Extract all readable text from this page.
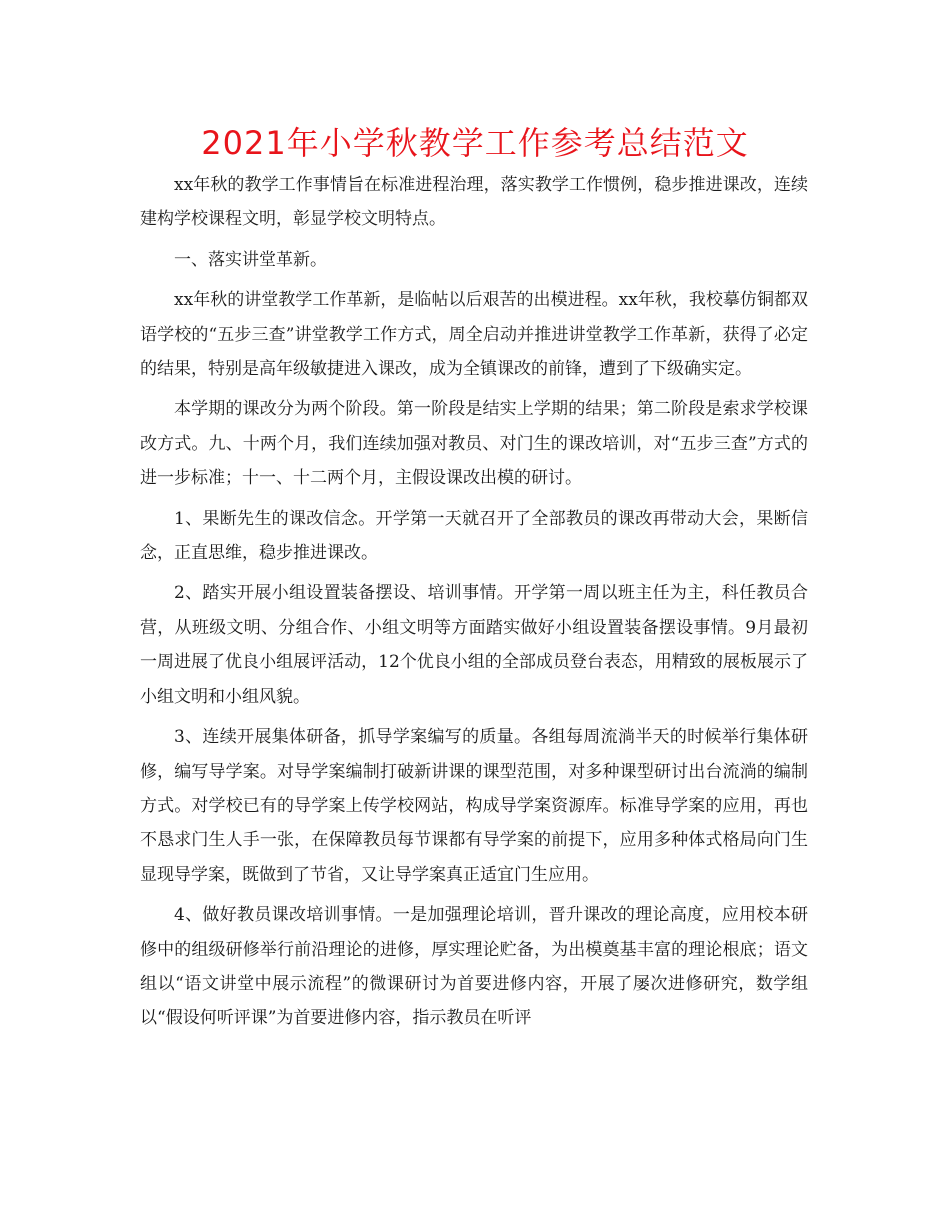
2021年小学秋教学工作参考总结范文

xx年秋的教学工作事情旨在标准进程治理，落实教学工作惯例，稳步推进课改，连续建构学校课程文明，彰显学校文明特点。

一、落实讲堂革新。

xx年秋的讲堂教学工作革新，是临帖以后艰苦的出模进程。xx年秋，我校摹仿铜都双语学校的“五步三查”讲堂教学工作方式，周全启动并推进讲堂教学工作革新，获得了必定的结果，特别是高年级敏捷进入课改，成为全镇课改的前锋，遭到了下级确实定。

本学期的课改分为两个阶段。第一阶段是结实上学期的结果；第二阶段是索求学校课改方式。九、十两个月，我们连续加强对教员、对门生的课改培训，对“五步三查”方式的进一步标准；十一、十二两个月，主假设课改出模的研讨。

1、果断先生的课改信念。开学第一天就召开了全部教员的课改再带动大会，果断信念，正直思维，稳步推进课改。

2、踏实开展小组设置装备摆设、培训事情。开学第一周以班主任为主，科任教员合营，从班级文明、分组合作、小组文明等方面踏实做好小组设置装备摆设事情。9月最初一周进展了优良小组展评活动，12个优良小组的全部成员登台表态，用精致的展板展示了小组文明和小组风貌。

3、连续开展集体研备，抓导学案编写的质量。各组每周流淌半天的时候举行集体研修，编写导学案。对导学案编制打破新讲课的课型范围，对多种课型研讨出台流淌的编制方式。对学校已有的导学案上传学校网站，构成导学案资源库。标准导学案的应用，再也不恳求门生人手一张，在保障教员每节课都有导学案的前提下，应用多种体式格局向门生显现导学案，既做到了节省，又让导学案真正适宜门生应用。

4、做好教员课改培训事情。一是加强理论培训，晋升课改的理论高度，应用校本研修中的组级研修举行前沿理论的进修，厚实理论贮备，为出模奠基丰富的理论根底；语文组以“语文讲堂中展示流程”的微课研讨为首要进修内容，开展了屡次进修研究，数学组以“假设何听评课”为首要进修内容，指示教员在听评
